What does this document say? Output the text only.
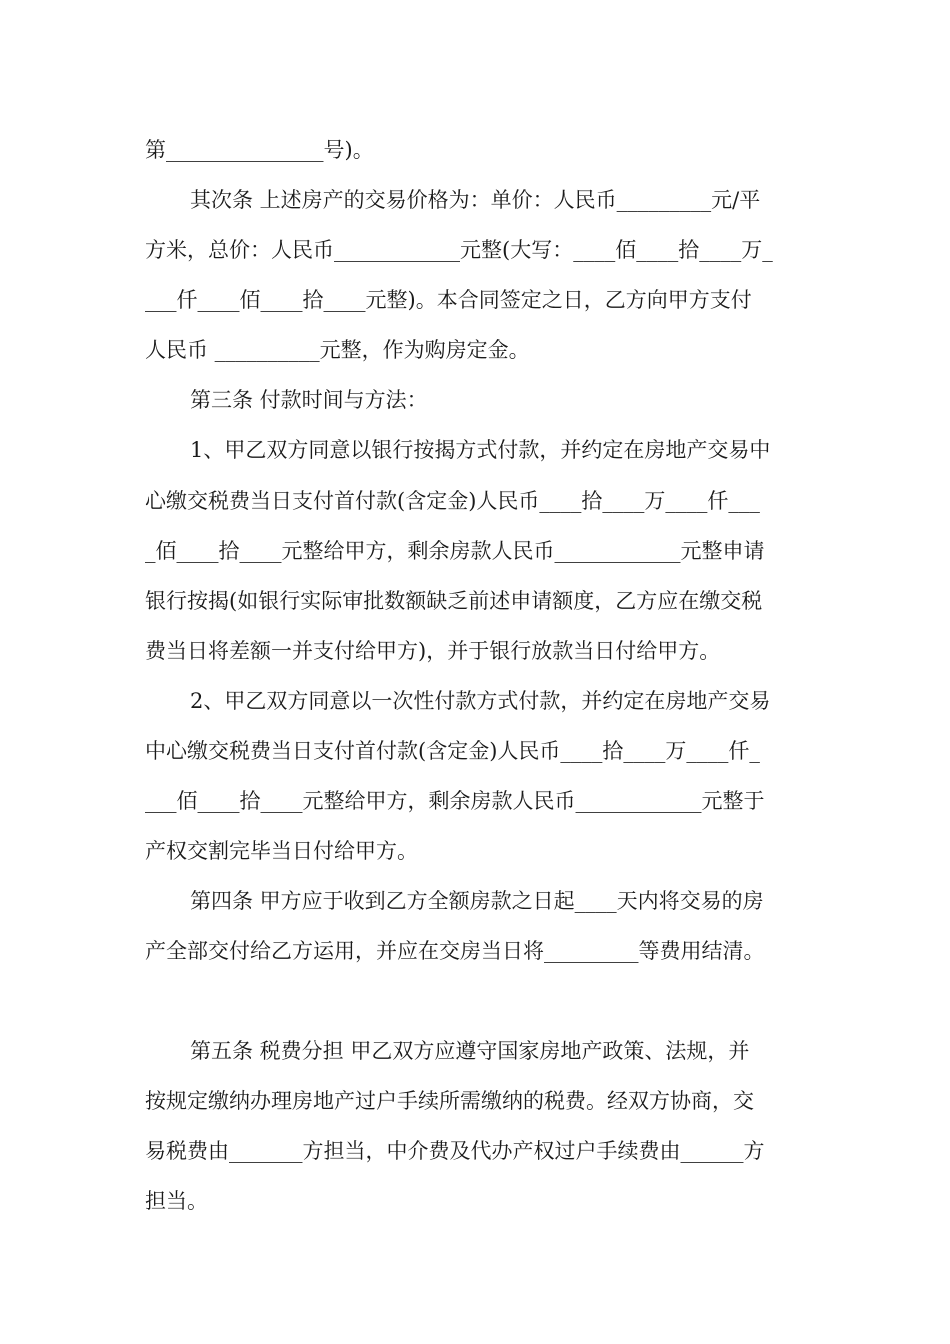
第_______________号)。
其次条 上述房产的交易价格为：单价：人民币_________元/平
方米，总价：人民币____________元整(大写：____佰____拾____万_
___仟____佰____拾____元整)。本合同签定之日，乙方向甲方支付
人民币 __________元整，作为购房定金。
第三条 付款时间与方法：
1、甲乙双方同意以银行按揭方式付款，并约定在房地产交易中
心缴交税费当日支付首付款(含定金)人民币____拾____万____仟___
_佰____拾____元整给甲方，剩余房款人民币____________元整申请
银行按揭(如银行实际审批数额缺乏前述申请额度，乙方应在缴交税
费当日将差额一并支付给甲方)，并于银行放款当日付给甲方。
2、甲乙双方同意以一次性付款方式付款，并约定在房地产交易
中心缴交税费当日支付首付款(含定金)人民币____拾____万____仟_
___佰____拾____元整给甲方，剩余房款人民币____________元整于
产权交割完毕当日付给甲方。
第四条 甲方应于收到乙方全额房款之日起____天内将交易的房
产全部交付给乙方运用，并应在交房当日将_________等费用结清。
第五条 税费分担 甲乙双方应遵守国家房地产政策、法规，并
按规定缴纳办理房地产过户手续所需缴纳的税费。经双方协商，交
易税费由_______方担当，中介费及代办产权过户手续费由______方
担当。
